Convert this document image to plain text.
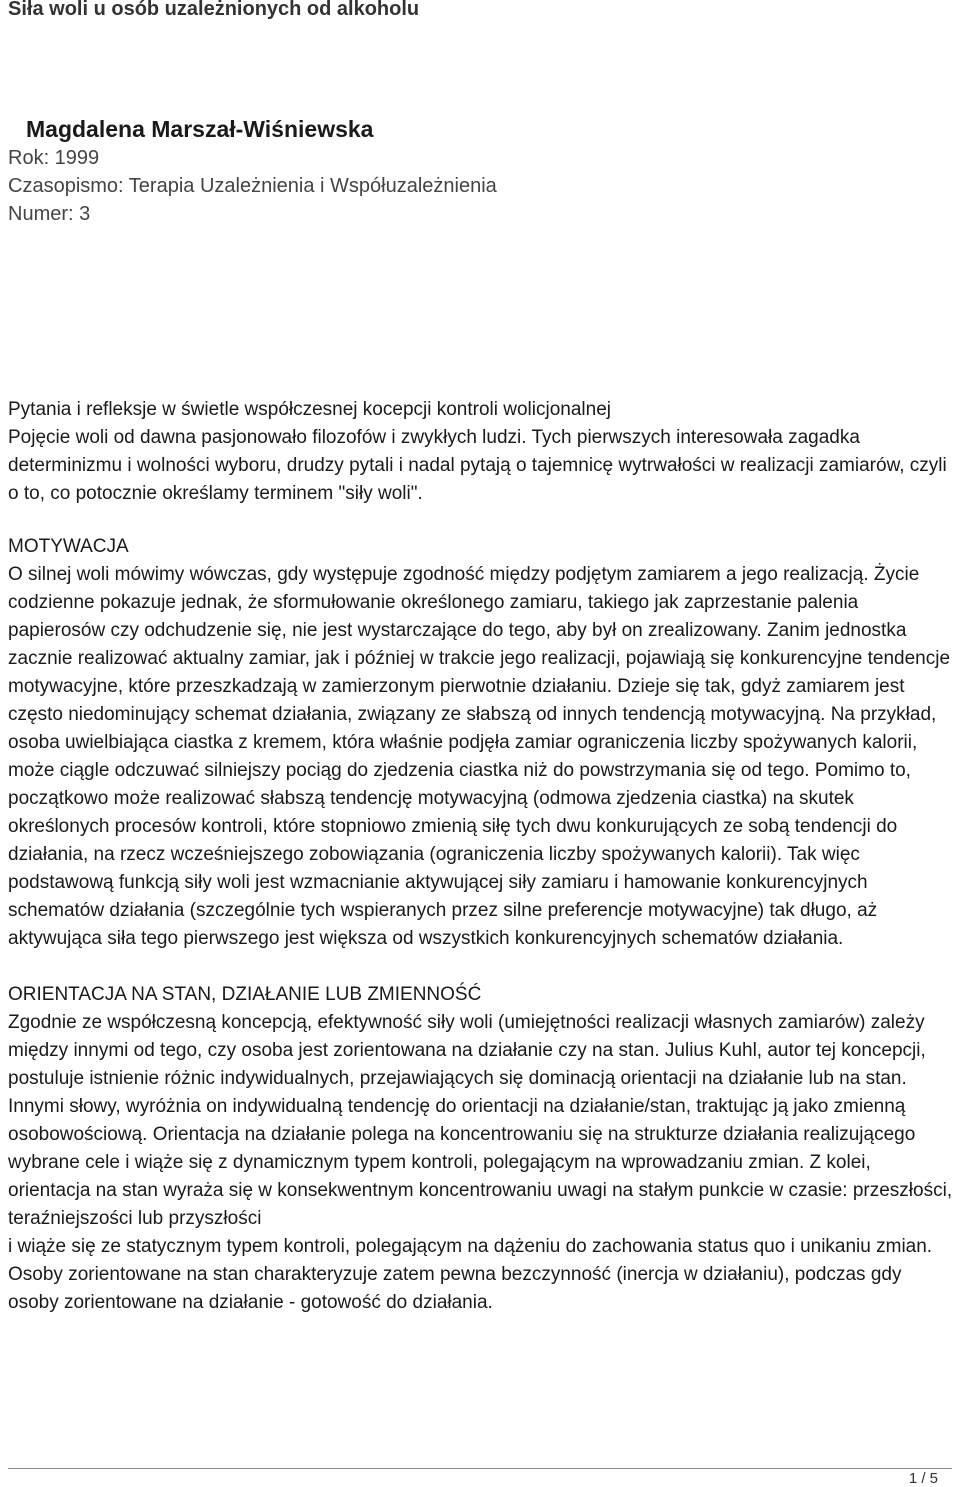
Siła woli u osób uzależnionych od alkoholu
Magdalena Marszał-Wiśniewska
Rok: 1999
Czasopismo: Terapia Uzależnienia i Współuzależnienia
Numer: 3
Pytania i refleksje w świetle współczesnej kocepcji kontroli wolicjonalnej

Pojęcie woli od dawna pasjonowało filozofów i zwykłych ludzi. Tych pierwszych interesowała zagadka determinizmu i wolności wyboru, drudzy pytali i nadal pytają o tajemnicę wytrwałości w realizacji zamiarów, czyli o to, co potocznie określamy terminem "siły woli".

MOTYWACJA

O silnej woli mówimy wówczas, gdy występuje zgodność między podjętym zamiarem a jego realizacją. Życie codzienne pokazuje jednak, że sformułowanie określonego zamiaru, takiego jak zaprzestanie palenia papierosów czy odchudzenie się, nie jest wystarczające do tego, aby był on zrealizowany. Zanim jednostka zacznie realizować aktualny zamiar, jak i później w trakcie jego realizacji, pojawiają się konkurencyjne tendencje motywacyjne, które przeszkadzają w zamierzonym pierwotnie działaniu. Dzieje się tak, gdyż zamiarem jest często niedominujący schemat działania, związany ze słabszą od innych tendencją motywacyjną. Na przykład, osoba uwielbiająca ciastka z kremem, która właśnie podjęła zamiar ograniczenia liczby spożywanych kalorii, może ciągle odczuwać silniejszy pociąg do zjedzenia ciastka niż do powstrzymania się od tego. Pomimo to, początkowo może realizować słabszą tendencję motywacyjną (odmowa zjedzenia ciastka) na skutek określonych procesów kontroli, które stopniowo zmienią siłę tych dwu konkurujących ze sobą tendencji do działania, na rzecz wcześniejszego zobowiązania (ograniczenia liczby spożywanych kalorii). Tak więc podstawową funkcją siły woli jest wzmacnianie aktywującej siły zamiaru i hamowanie konkurencyjnych schematów działania (szczególnie tych wspieranych przez silne preferencje motywacyjne) tak długo, aż aktywująca siła tego pierwszego jest większa od wszystkich konkurencyjnych schematów działania.

ORIENTACJA NA STAN, DZIAŁANIE LUB ZMIENNOŚĆ

Zgodnie ze współczesną koncepcją, efektywność siły woli (umiejętności realizacji własnych zamiarów) zależy między innymi od tego, czy osoba jest zorientowana na działanie czy na stan. Julius Kuhl, autor tej koncepcji, postuluje istnienie różnic indywidualnych, przejawiających się dominacją orientacji na działanie lub na stan. Innymi słowy, wyróżnia on indywidualną tendencję do orientacji na działanie/stan, traktując ją jako zmienną osobowościową. Orientacja na działanie polega na koncentrowaniu się na strukturze działania realizującego wybrane cele i wiąże się z dynamicznym typem kontroli, polegającym na wprowadzaniu zmian. Z kolei, orientacja na stan wyraża się w konsekwentnym koncentrowaniu uwagi na stałym punkcie w czasie: przeszłości, teraźniejszości lub przyszłości

i wiąże się ze statycznym typem kontroli, polegającym na dążeniu do zachowania status quo i unikaniu zmian. Osoby zorientowane na stan charakteryzuje zatem pewna bezczynność (inercja w działaniu), podczas gdy osoby zorientowane na działanie - gotowość do działania.

1 / 5
